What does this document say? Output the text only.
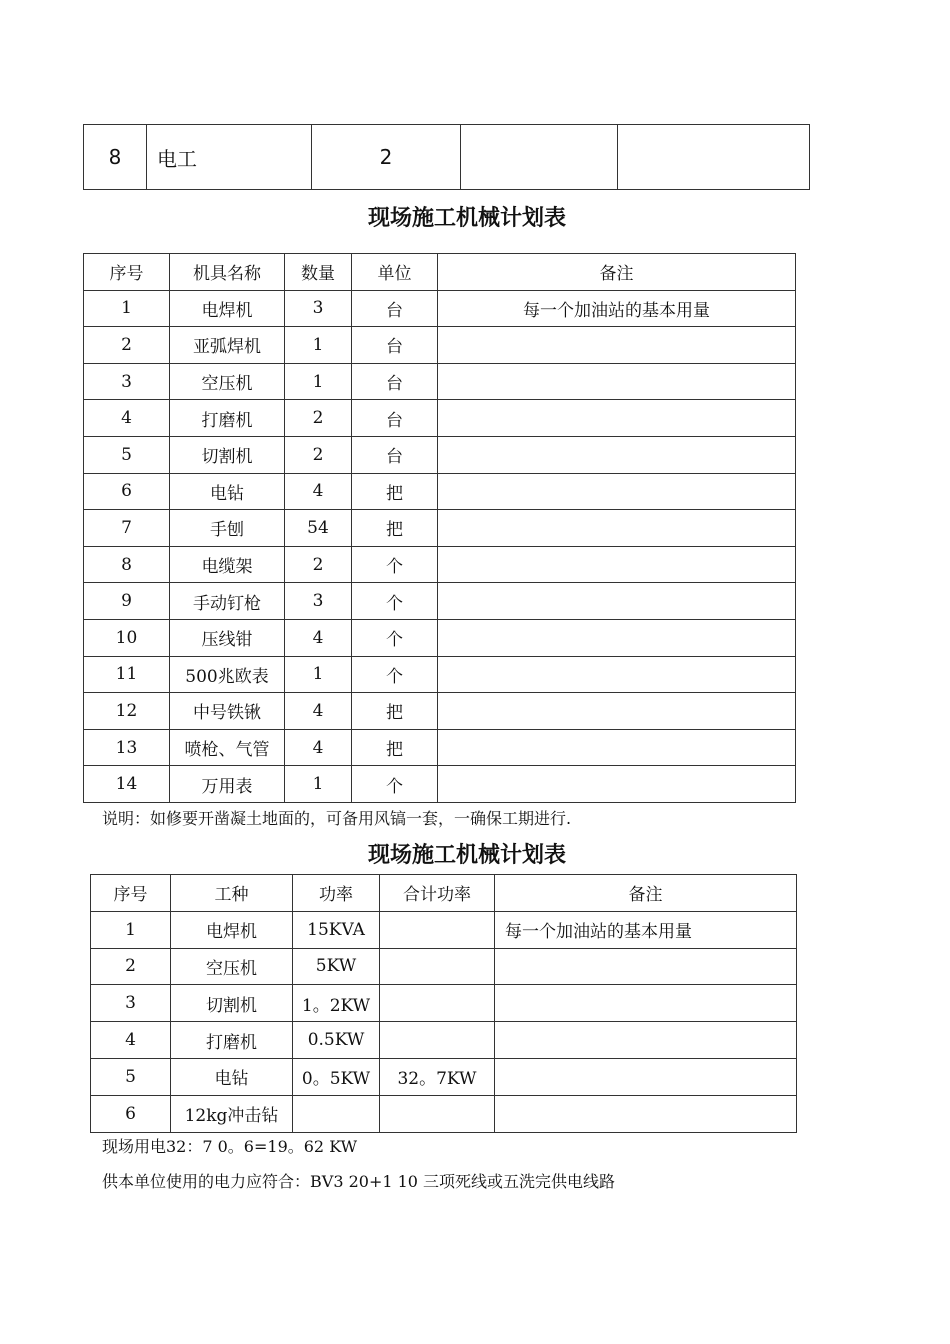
8	电工	2		
现场施工机械计划表
序号	机具名称	数量	单位	备注
1	电焊机	3	台	每一个加油站的基本用量
2	亚弧焊机	1	台	
3	空压机	1	台	
4	打磨机	2	台	
5	切割机	2	台	
6	电钻	4	把	
7	手刨	54	把	
8	电缆架	2	个	
9	手动钉枪	3	个	
10	压线钳	4	个	
11	500兆欧表	1	个	
12	中号铁锹	4	把	
13	喷枪、气管	4	把	
14	万用表	1	个	
说明：如修要开凿凝土地面的，可备用风镐一套，一确保工期进行.
现场施工机械计划表
序号	工种	功率	合计功率	备注
1	电焊机	15KVA		每一个加油站的基本用量
2	空压机	5KW		
3	切割机	1。2KW		
4	打磨机	0.5KW		
5	电钻	0。5KW	32。7KW	
6	12kg冲击钻			
现场用电32：7 0。6=19。62 KW
供本单位使用的电力应符合：BV3 20+1 10 三项死线或五洗完供电线路
